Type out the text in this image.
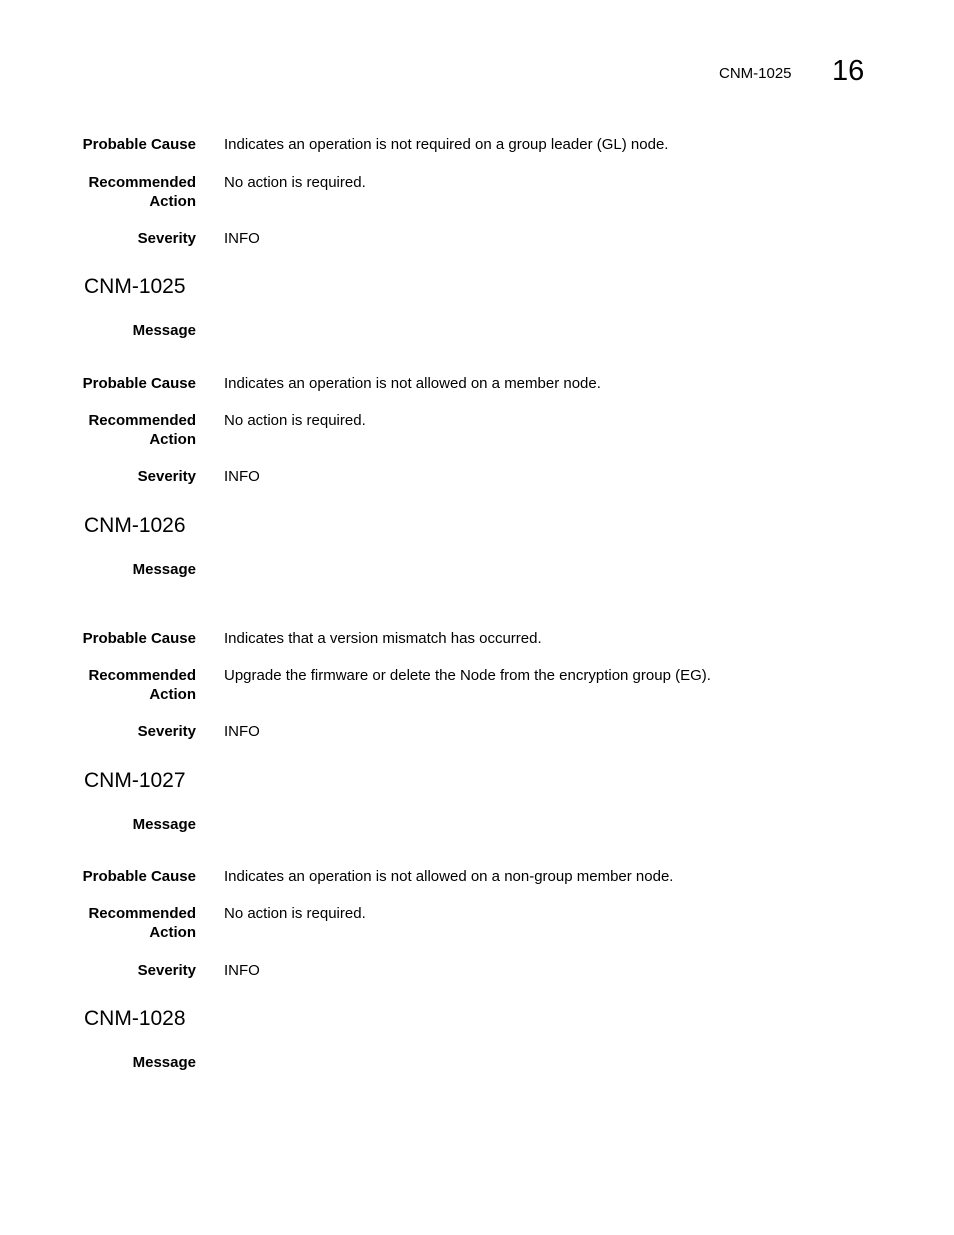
CNM-1025 16
Probable Cause Indicates an operation is not required on a group leader (GL) node.
Recommended
Action
No action is required.
Severity INFO
CNM-1025
Message
Probable Cause Indicates an operation is not allowed on a member node.
Recommended
Action
No action is required.
Severity INFO
CNM-1026
Message
Probable Cause Indicates that a version mismatch has occurred.
Recommended
Action
Upgrade the firmware or delete the Node from the encryption group (EG).
Severity INFO
CNM-1027
Message
Probable Cause Indicates an operation is not allowed on a non-group member node.
Recommended
Action
No action is required.
Severity INFO
CNM-1028
Message
